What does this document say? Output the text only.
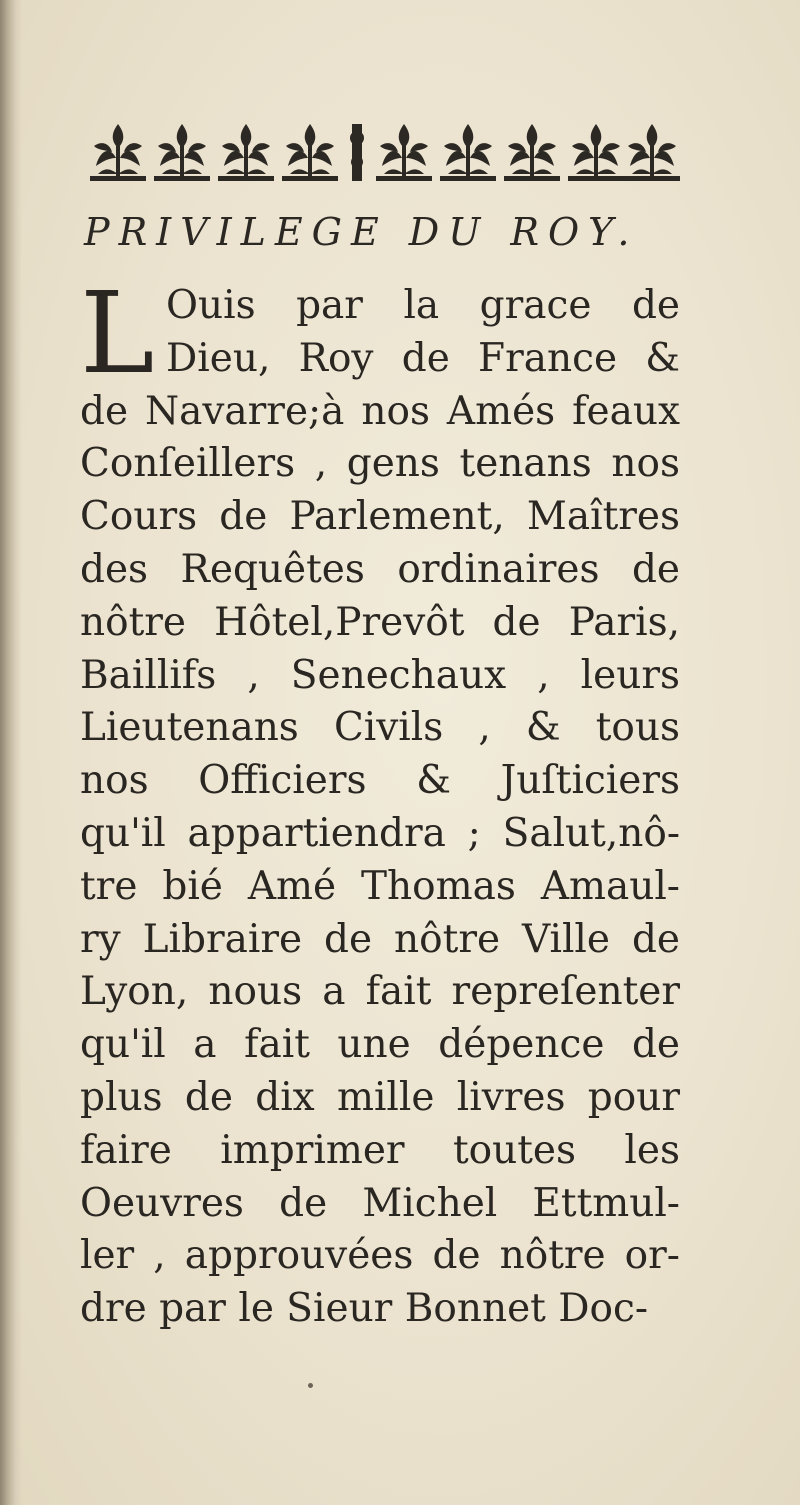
PRIVILEGE DU ROY.
L Ouis par la grace de
Dieu, Roy de France &
de Navarre;à nos Amés feaux
Conſeillers , gens tenans nos
Cours de Parlement, Maîtres
des Requêtes ordinaires de
nôtre Hôtel,Prevôt de Paris,
Baillifs , Senechaux , leurs
Lieutenans Civils , & tous
nos Officiers & Juſticiers
qu'il appartiendra ; Salut,nô-
tre bié Amé Thomas Amaul-
ry Libraire de nôtre Ville de
Lyon, nous a fait repreſenter
qu'il a fait une dépence de
plus de dix mille livres pour
faire imprimer toutes les
Oeuvres de Michel Ettmul-
ler , approuvées de nôtre or-
dre par le Sieur Bonnet Doc-
